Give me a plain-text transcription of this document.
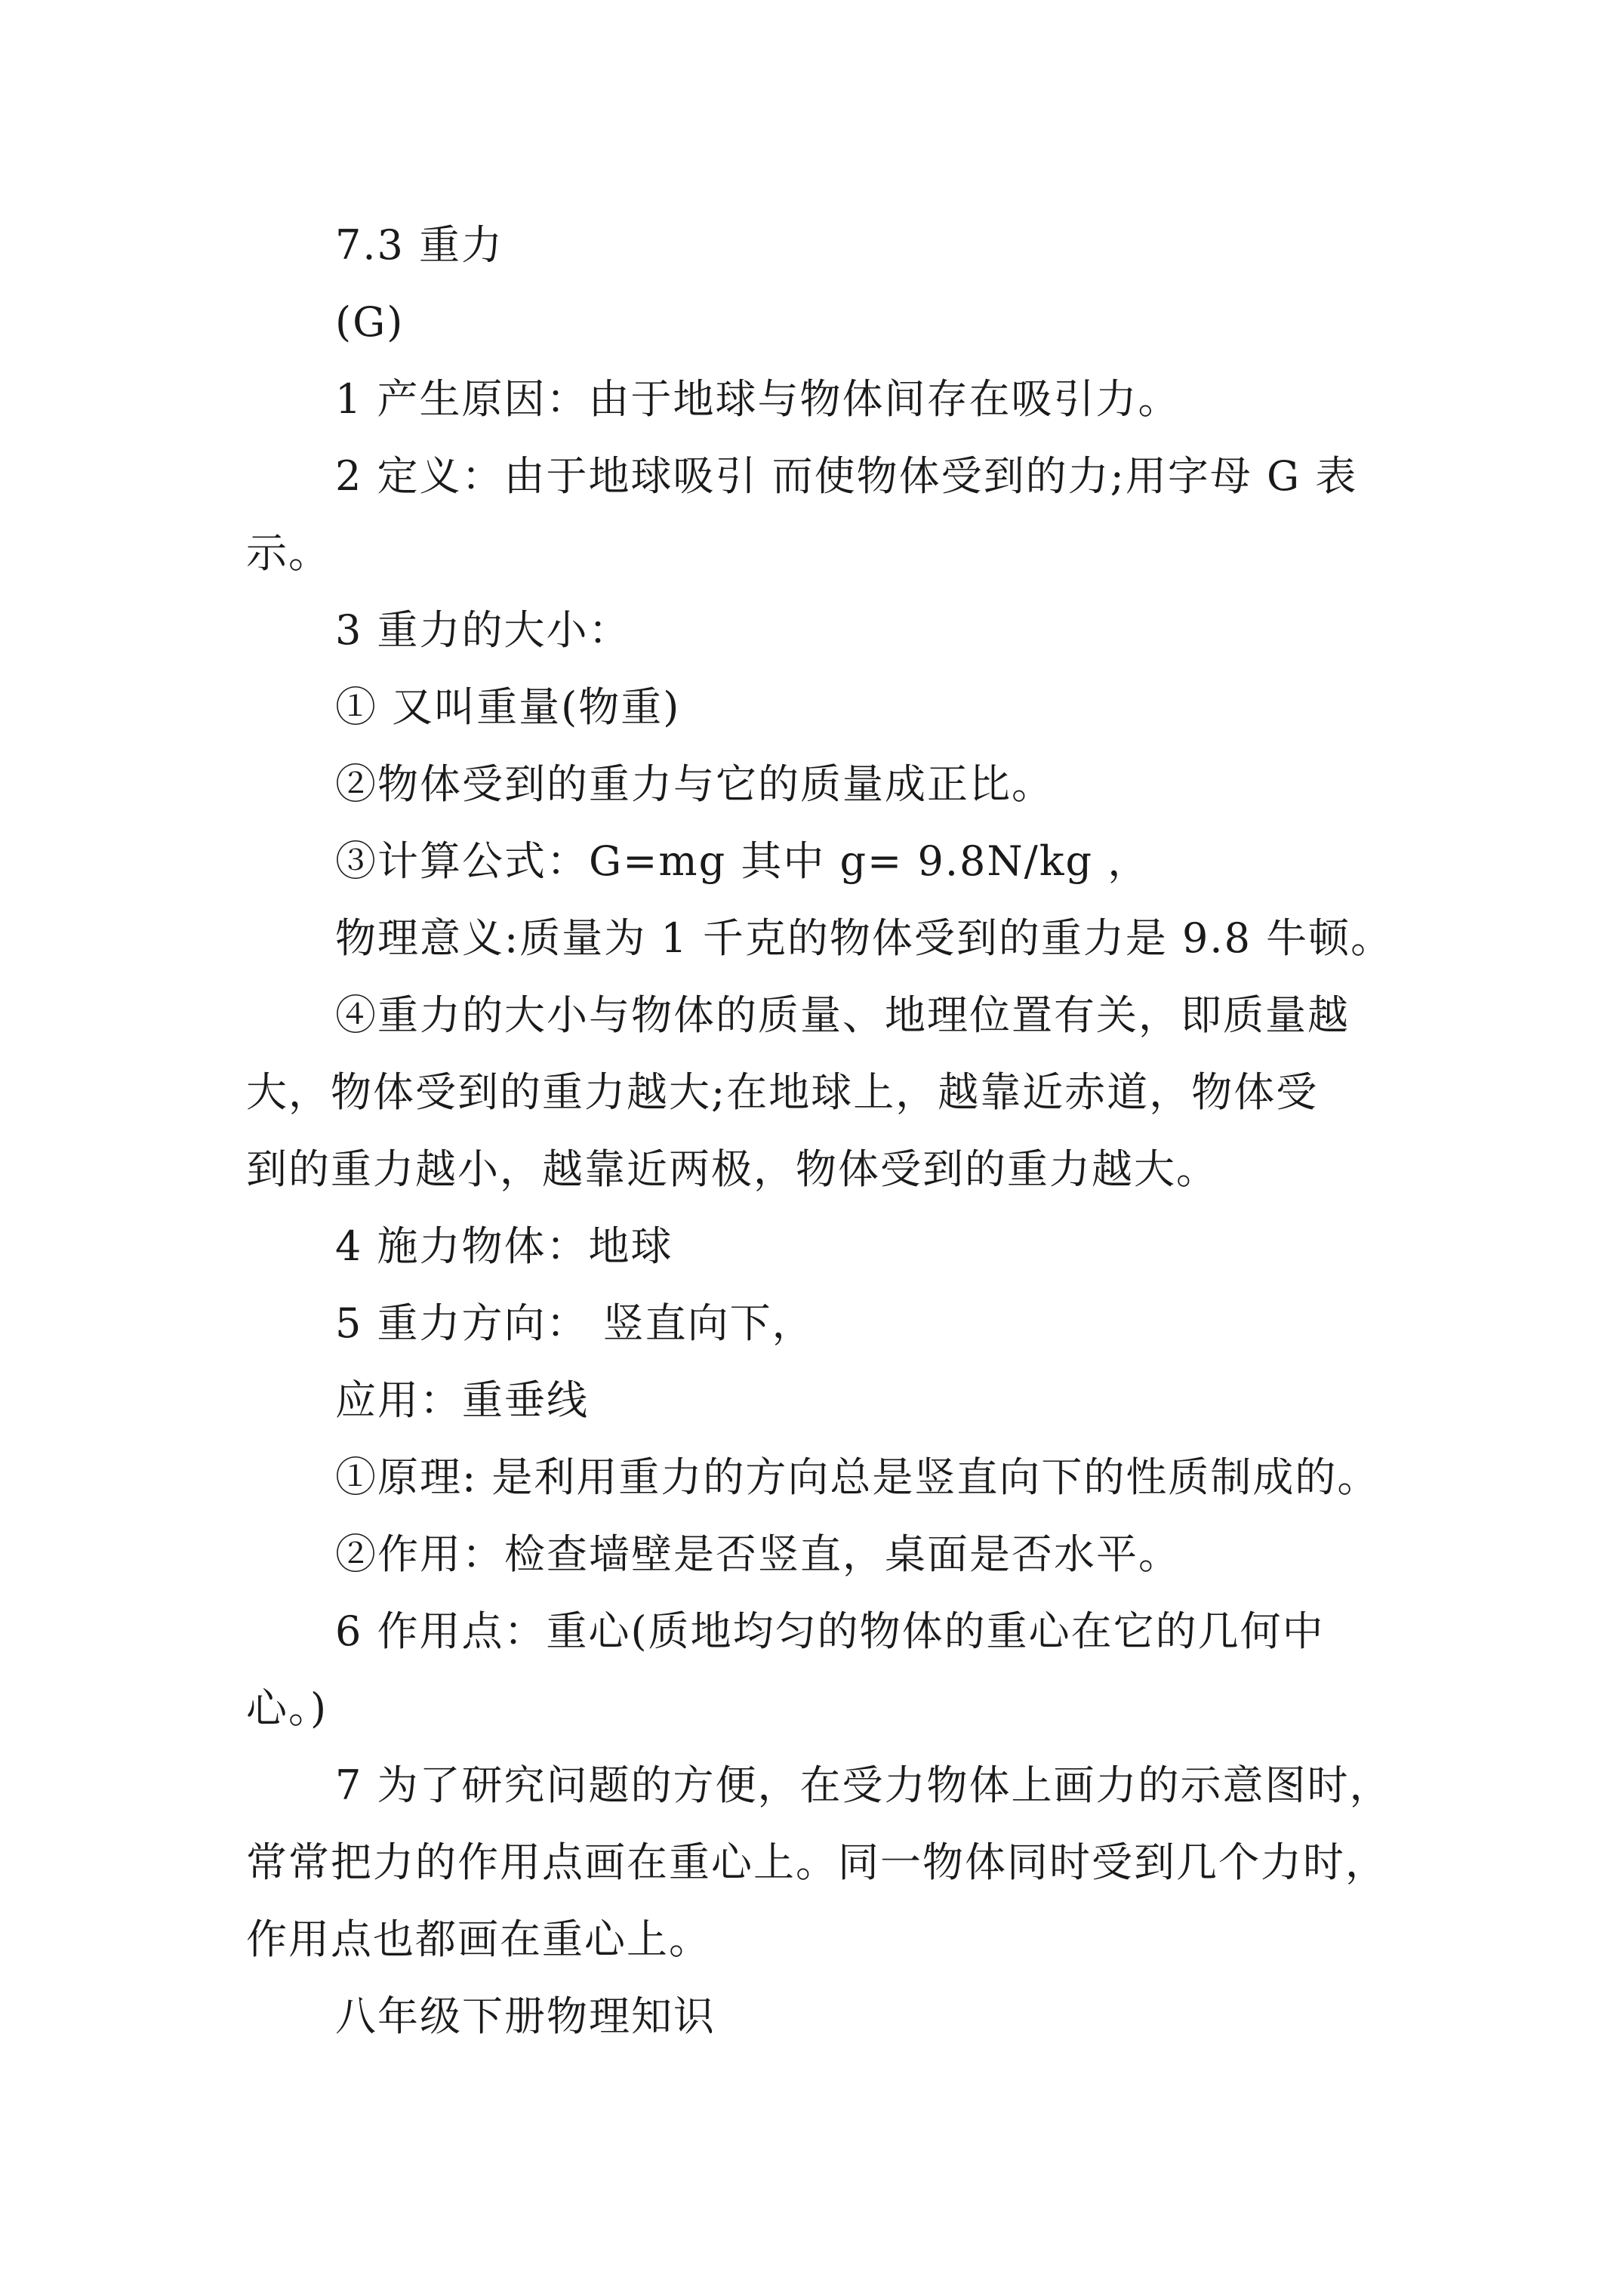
7.3 重力
(G)
1 产生原因：由于地球与物体间存在吸引力。
2 定义：由于地球吸引 而使物体受到的力;用字母 G 表
示。
3 重力的大小：
① 又叫重量(物重)
②物体受到的重力与它的质量成正比。
③计算公式：G=mg 其中 g= 9.8N/kg ，
物理意义:质量为 1 千克的物体受到的重力是 9.8 牛顿。
④重力的大小与物体的质量、地理位置有关，即质量越
大，物体受到的重力越大;在地球上，越靠近赤道，物体受
到的重力越小，越靠近两极，物体受到的重力越大。
4 施力物体：地球
5 重力方向： 竖直向下，
应用：重垂线
①原理: 是利用重力的方向总是竖直向下的性质制成的。
②作用：检查墙壁是否竖直，桌面是否水平。
6 作用点：重心(质地均匀的物体的重心在它的几何中
心。)
7 为了研究问题的方便，在受力物体上画力的示意图时，
常常把力的作用点画在重心上。同一物体同时受到几个力时，
作用点也都画在重心上。
八年级下册物理知识
